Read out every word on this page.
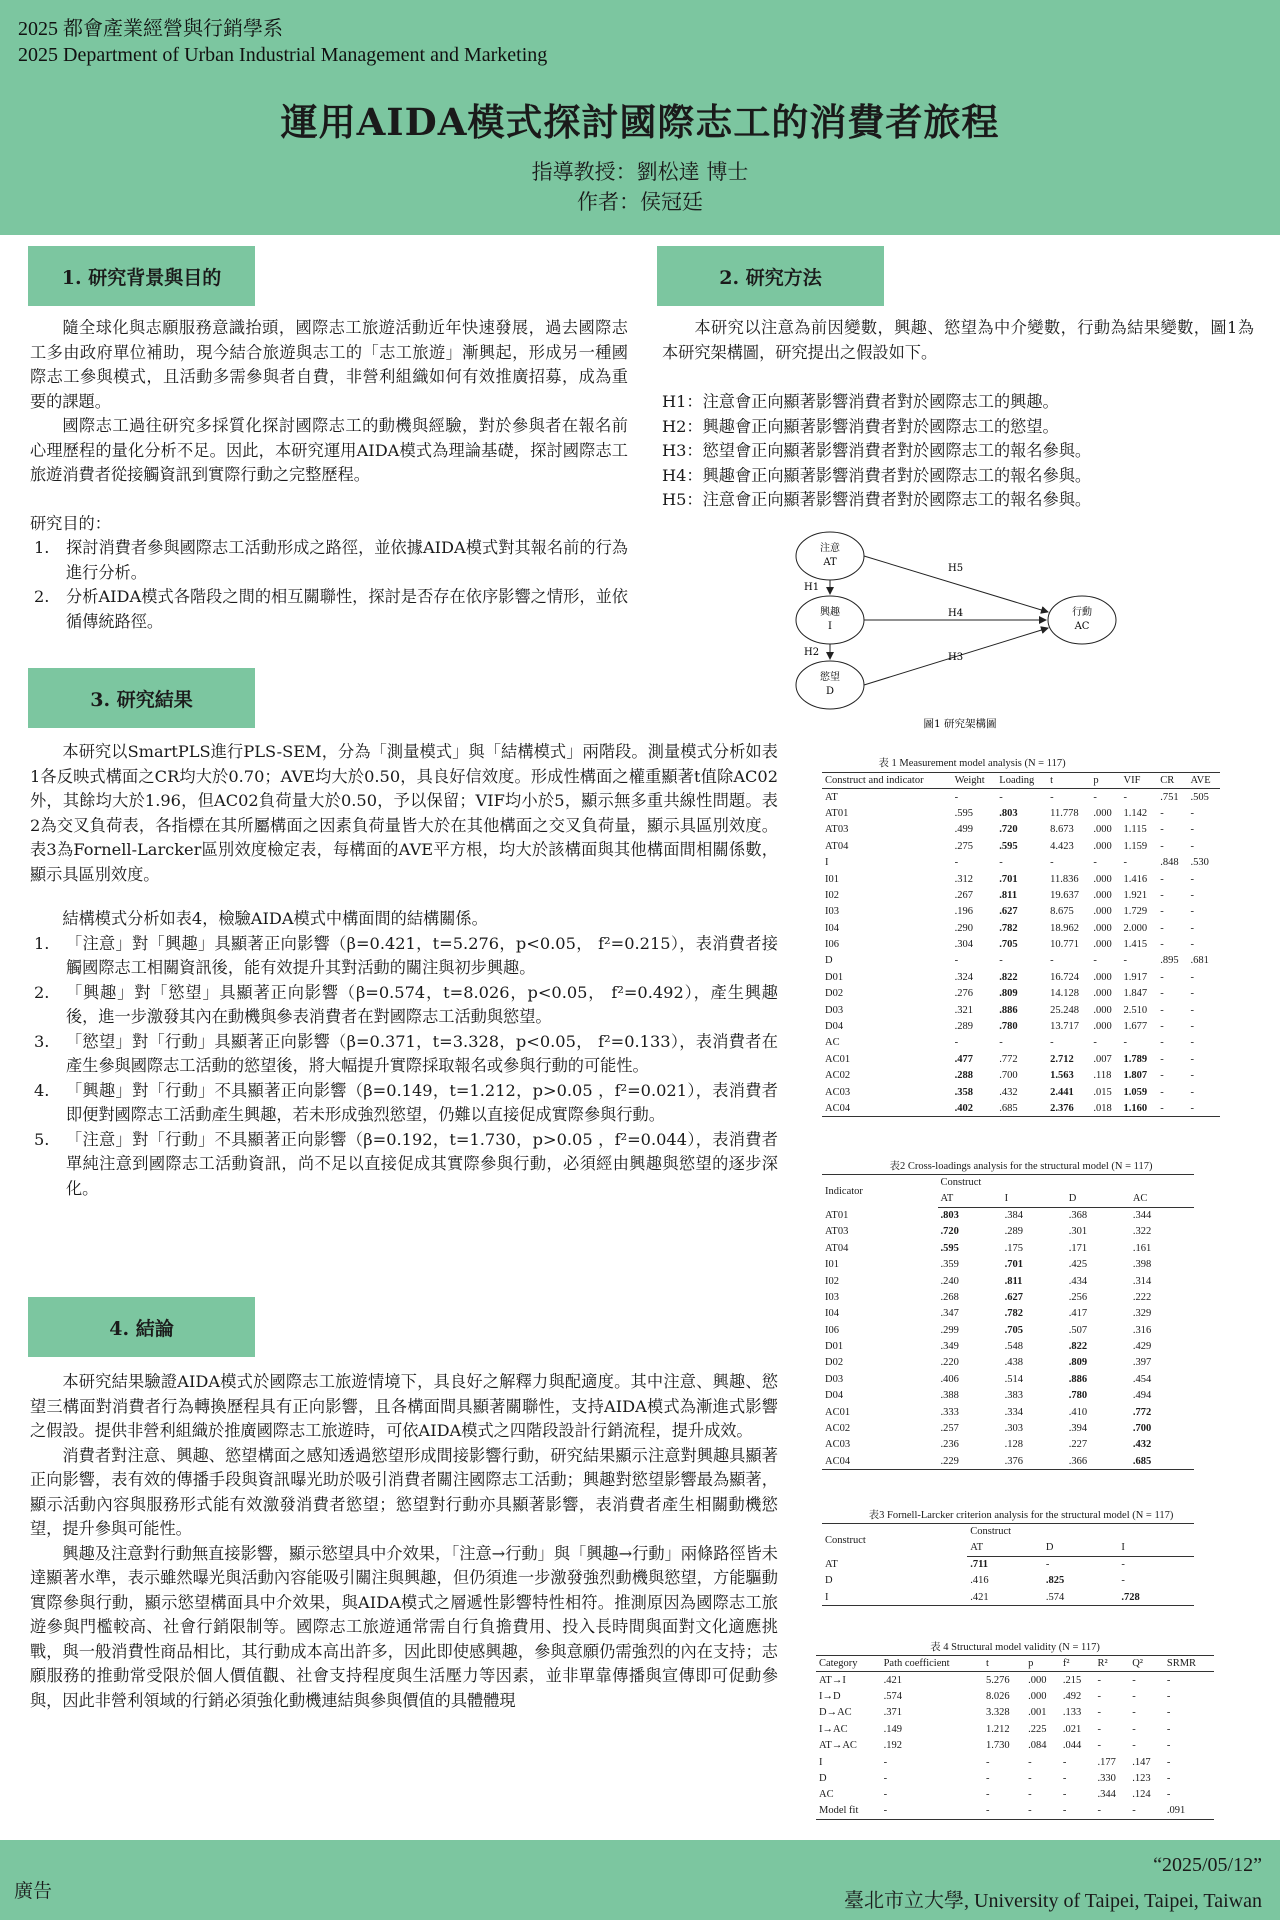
2025 都會產業經營與行銷學系
2025 Department of Urban Industrial Management and Marketing
運用AIDA模式探討國際志工的消費者旅程
指導教授：劉松達 博士
作者：侯冠廷
1. 研究背景與目的

隨全球化與志願服務意識抬頭，國際志工旅遊活動近年快速發展，過去國際志工多由政府單位補助，現今結合旅遊與志工的「志工旅遊」漸興起，形成另一種國際志工參與模式，且活動多需參與者自費，非營利組織如何有效推廣招募，成為重要的課題。

國際志工過往研究多採質化探討國際志工的動機與經驗，對於參與者在報名前心理歷程的量化分析不足。因此，本研究運用AIDA模式為理論基礎，探討國際志工旅遊消費者從接觸資訊到實際行動之完整歷程。

研究目的：
1. 探討消費者參與國際志工活動形成之路徑，並依據AIDA模式對其報名前的行為進行分析。
2. 分析AIDA模式各階段之間的相互關聯性，探討是否存在依序影響之情形，並依循傳統路徑。
2. 研究方法

本研究以注意為前因變數，興趣、慾望為中介變數，行動為結果變數，圖1為本研究架構圖，研究提出之假設如下。

H1：注意會正向顯著影響消費者對於國際志工的興趣。
H2：興趣會正向顯著影響消費者對於國際志工的慾望。
H3：慾望會正向顯著影響消費者對於國際志工的報名參與。
H4：興趣會正向顯著影響消費者對於國際志工的報名參與。
H5：注意會正向顯著影響消費者對於國際志工的報名參與。
注意
AT
興趣
I
慾望
D
行動
AC
H1
H2
H5
H4
H3
圖1 研究架構圖
表 1 Measurement model analysis (N = 117)
Construct and indicator	Weight	Loading	t	p	VIF	CR	AVE
AT	-	-	-	-	-	.751	.505
AT01	.595	.803	11.778	.000	1.142	-	-
AT03	.499	.720	8.673	.000	1.115	-	-
AT04	.275	.595	4.423	.000	1.159	-	-
I	-	-	-	-	-	.848	.530
I01	.312	.701	11.836	.000	1.416	-	-
I02	.267	.811	19.637	.000	1.921	-	-
I03	.196	.627	8.675	.000	1.729	-	-
I04	.290	.782	18.962	.000	2.000	-	-
I06	.304	.705	10.771	.000	1.415	-	-
D	-	-	-	-	-	.895	.681
D01	.324	.822	16.724	.000	1.917	-	-
D02	.276	.809	14.128	.000	1.847	-	-
D03	.321	.886	25.248	.000	2.510	-	-
D04	.289	.780	13.717	.000	1.677	-	-
AC	-	-	-	-	-	-	-
AC01	.477	.772	2.712	.007	1.789	-	-
AC02	.288	.700	1.563	.118	1.807	-	-
AC03	.358	.432	2.441	.015	1.059	-	-
AC04	.402	.685	2.376	.018	1.160	-	-
表2 Cross-loadings analysis for the structural model (N = 117)
Indicator	Construct			
	AT	I	D	AC
AT01	.803	.384	.368	.344
AT03	.720	.289	.301	.322
AT04	.595	.175	.171	.161
I01	.359	.701	.425	.398
I02	.240	.811	.434	.314
I03	.268	.627	.256	.222
I04	.347	.782	.417	.329
I06	.299	.705	.507	.316
D01	.349	.548	.822	.429
D02	.220	.438	.809	.397
D03	.406	.514	.886	.454
D04	.388	.383	.780	.494
AC01	.333	.334	.410	.772
AC02	.257	.303	.394	.700
AC03	.236	.128	.227	.432
AC04	.229	.376	.366	.685
表3 Fornell-Larcker criterion analysis for the structural model (N = 117)
Construct	Construct		
	AT	D	I
AT	.711	-	-
D	.416	.825	-
I	.421	.574	.728
表 4 Structural model validity (N = 117)
Category	Path coefficient	t	p	f²	R²	Q²	SRMR
AT→I	.421	5.276	.000	.215	-	-	-
I→D	.574	8.026	.000	.492	-	-	-
D→AC	.371	3.328	.001	.133	-	-	-
I→AC	.149	1.212	.225	.021	-	-	-
AT→AC	.192	1.730	.084	.044	-	-	-
I	-	-	-	-	.177	.147	-
D	-	-	-	-	.330	.123	-
AC	-	-	-	-	.344	.124	-
Model fit	-	-	-	-	-	-	.091
3. 研究結果

本研究以SmartPLS進行PLS-SEM，分為「測量模式」與「結構模式」兩階段。測量模式分析如表1各反映式構面之CR均大於0.70；AVE均大於0.50，具良好信效度。形成性構面之權重顯著t值除AC02外，其餘均大於1.96，但AC02負荷量大於0.50，予以保留；VIF均小於5，顯示無多重共線性問題。表2為交叉負荷表，各指標在其所屬構面之因素負荷量皆大於在其他構面之交叉負荷量，顯示具區別效度。表3為Fornell-Larcker區別效度檢定表，每構面的AVE平方根，均大於該構面與其他構面間相關係數，顯示具區別效度。

結構模式分析如表4，檢驗AIDA模式中構面間的結構關係。

1. 「注意」對「興趣」具顯著正向影響（β=0.421，t=5.276，p<0.05， f²=0.215），表消費者接觸國際志工相關資訊後，能有效提升其對活動的關注與初步興趣。
2. 「興趣」對「慾望」具顯著正向影響（β=0.574，t=8.026，p<0.05， f²=0.492），產生興趣後，進一步激發其內在動機與參表消費者在對國際志工活動與慾望。
3. 「慾望」對「行動」具顯著正向影響（β=0.371，t=3.328，p<0.05， f²=0.133），表消費者在產生參與國際志工活動的慾望後，將大幅提升實際採取報名或參與行動的可能性。
4. 「興趣」對「行動」不具顯著正向影響（β=0.149，t=1.212，p>0.05 ，f²=0.021），表消費者即便對國際志工活動產生興趣，若未形成強烈慾望，仍難以直接促成實際參與行動。
5. 「注意」對「行動」不具顯著正向影響（β=0.192，t=1.730，p>0.05 ，f²=0.044），表消費者單純注意到國際志工活動資訊，尚不足以直接促成其實際參與行動，必須經由興趣與慾望的逐步深化。
4. 結論

本研究結果驗證AIDA模式於國際志工旅遊情境下，具良好之解釋力與配適度。其中注意、興趣、慾望三構面對消費者行為轉換歷程具有正向影響，且各構面間具顯著關聯性，支持AIDA模式為漸進式影響之假設。提供非營利組織於推廣國際志工旅遊時，可依AIDA模式之四階段設計行銷流程，提升成效。

消費者對注意、興趣、慾望構面之感知透過慾望形成間接影響行動，研究結果顯示注意對興趣具顯著正向影響，表有效的傳播手段與資訊曝光助於吸引消費者關注國際志工活動；興趣對慾望影響最為顯著，顯示活動內容與服務形式能有效激發消費者慾望；慾望對行動亦具顯著影響，表消費者產生相關動機慾望，提升參與可能性。

興趣及注意對行動無直接影響，顯示慾望具中介效果，「注意→行動」與「興趣→行動」兩條路徑皆未達顯著水準，表示雖然曝光與活動內容能吸引關注與興趣，但仍須進一步激發強烈動機與慾望，方能驅動實際參與行動，顯示慾望構面具中介效果，與AIDA模式之層遞性影響特性相符。推測原因為國際志工旅遊參與門檻較高、社會行銷限制等。國際志工旅遊通常需自行負擔費用、投入長時間與面對文化適應挑戰，與一般消費性商品相比，其行動成本高出許多，因此即使感興趣，參與意願仍需強烈的內在支持；志願服務的推動常受限於個人價值觀、社會支持程度與生活壓力等因素，並非單靠傳播與宣傳即可促動參與，因此非營利領域的行銷必須強化動機連結與參與價值的具體體現

廣告
“2025/05/12”
臺北市立大學, University of Taipei, Taipei, Taiwan
